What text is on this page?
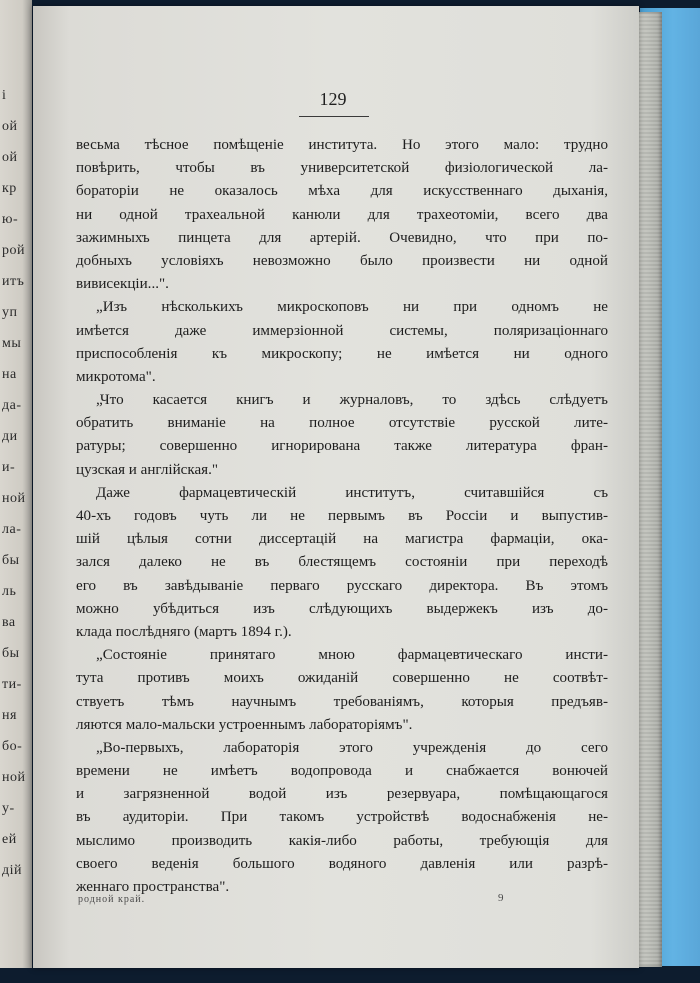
і
ой
ой
кр
ю-
рой
итъ
уп
мы
на
да-
ди
и-
ной
ла-
бы
ль
ва
бы
ти-
ня
бо-
ной
у-
ей
дій
129
весьма тѣсное помѣщеніе института. Но этого мало: трудно
повѣрить, чтобы въ университетской физіологической ла-
бораторіи не оказалось мѣха для искусственнаго дыханія,
ни одной трахеальной канюли для трахеотоміи, всего два
зажимныхъ пинцета для артерій. Очевидно, что при по-
добныхъ условіяхъ невозможно было произвести ни одной
вивисекціи...".
„Изъ нѣсколькихъ микроскоповъ ни при одномъ не
имѣется даже иммерзіонной системы, поляризаціоннаго
приспособленія къ микроскопу; не имѣется ни одного
микротома".
„Что касается книгъ и журналовъ, то здѣсь слѣдуетъ
обратить вниманіе на полное отсутствіе русской лите-
ратуры; совершенно игнорирована также литература фран-
цузская и англійская."
Даже фармацевтическій институтъ, считавшійся съ
40-хъ годовъ чуть ли не первымъ въ Россіи и выпустив-
шій цѣлыя сотни диссертацій на магистра фармаціи, ока-
зался далеко не въ блестящемъ состояніи при переходѣ
его въ завѣдываніе перваго русскаго директора. Въ этомъ
можно убѣдиться изъ слѣдующихъ выдержекъ изъ до-
клада послѣдняго (мартъ 1894 г.).
„Состояніе принятаго мною фармацевтическаго инсти-
тута противъ моихъ ожиданій совершенно не соотвѣт-
ствуетъ тѣмъ научнымъ требованіямъ, которыя предъяв-
ляются мало-мальски устроеннымъ лабораторіямъ".
„Во-первыхъ, лабораторія этого учрежденія до сего
времени не имѣетъ водопровода и снабжается вонючей
и загрязненной водой изъ резервуара, помѣщающагося
въ аудиторіи. При такомъ устройствѣ водоснабженія не-
мыслимо производить какія-либо работы, требующія для
своего веденія большого водяного давленія или разрѣ-
женнаго пространства".
родной край.	9
